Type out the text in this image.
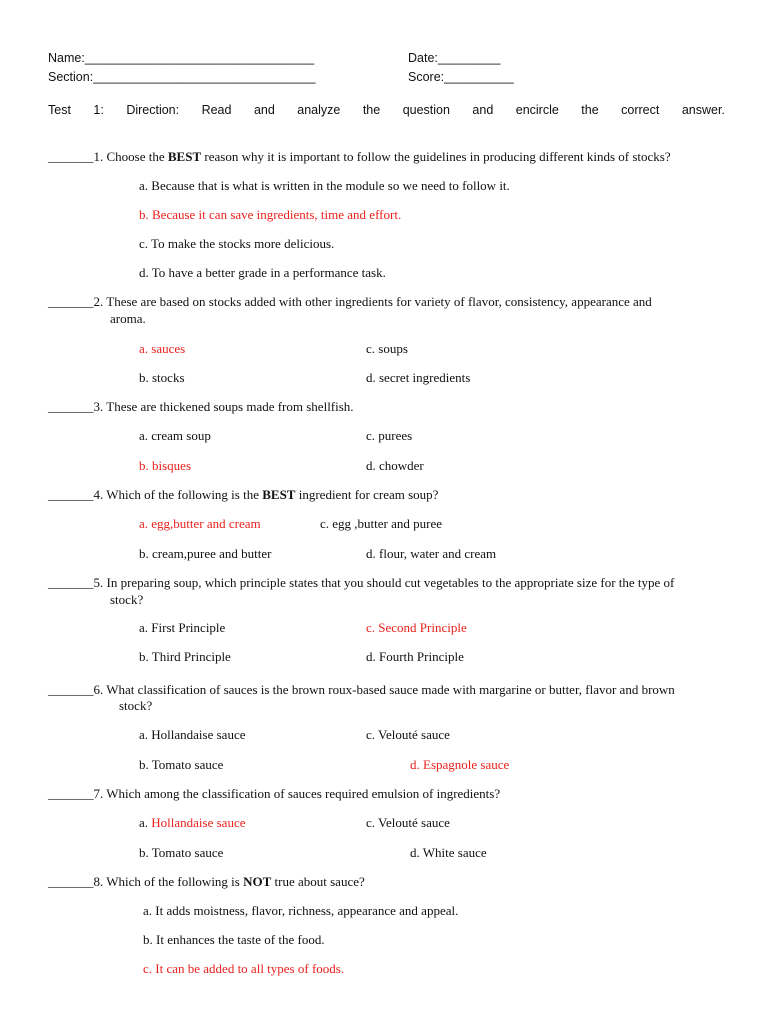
Name:_________________________________	Date:_________
Section:________________________________	Score:__________
Test 1: Direction: Read and analyze the question and encircle the correct answer.
_______1. Choose the BEST reason why it is important to follow the guidelines in producing different kinds of stocks?
a. Because that is what is written in the module so we need to follow it.
b. Because it can save ingredients, time and effort.
c. To make the stocks more delicious.
d. To have a better grade in a performance task.
_______2. These are based on stocks added with other ingredients for variety of flavor, consistency, appearance and
aroma.
a. sauces	c. soups
b. stocks	d. secret ingredients
_______3. These are thickened soups made from shellfish.
a. cream soup	c. purees
b. bisques	d. chowder
_______4. Which of the following is the BEST ingredient for cream soup?
a. egg,butter and cream	c. egg ,butter and puree
b. cream,puree and butter	d. flour, water and cream
_______5. In preparing soup, which principle states that you should cut vegetables to the appropriate size for the type of
stock?
a. First Principle	c. Second Principle
b. Third Principle	d. Fourth Principle
_______6. What classification of sauces is the brown roux-based sauce made with margarine or butter, flavor and brown
stock?
a. Hollandaise sauce	c. Velouté sauce
b. Tomato sauce	d. Espagnole sauce
_______7. Which among the classification of sauces required emulsion of ingredients?
a. Hollandaise sauce	c. Velouté sauce
b. Tomato sauce	d. White sauce
_______8. Which of the following is NOT true about sauce?
a. It adds moistness, flavor, richness, appearance and appeal.
b. It enhances the taste of the food.
c. It can be added to all types of foods.
